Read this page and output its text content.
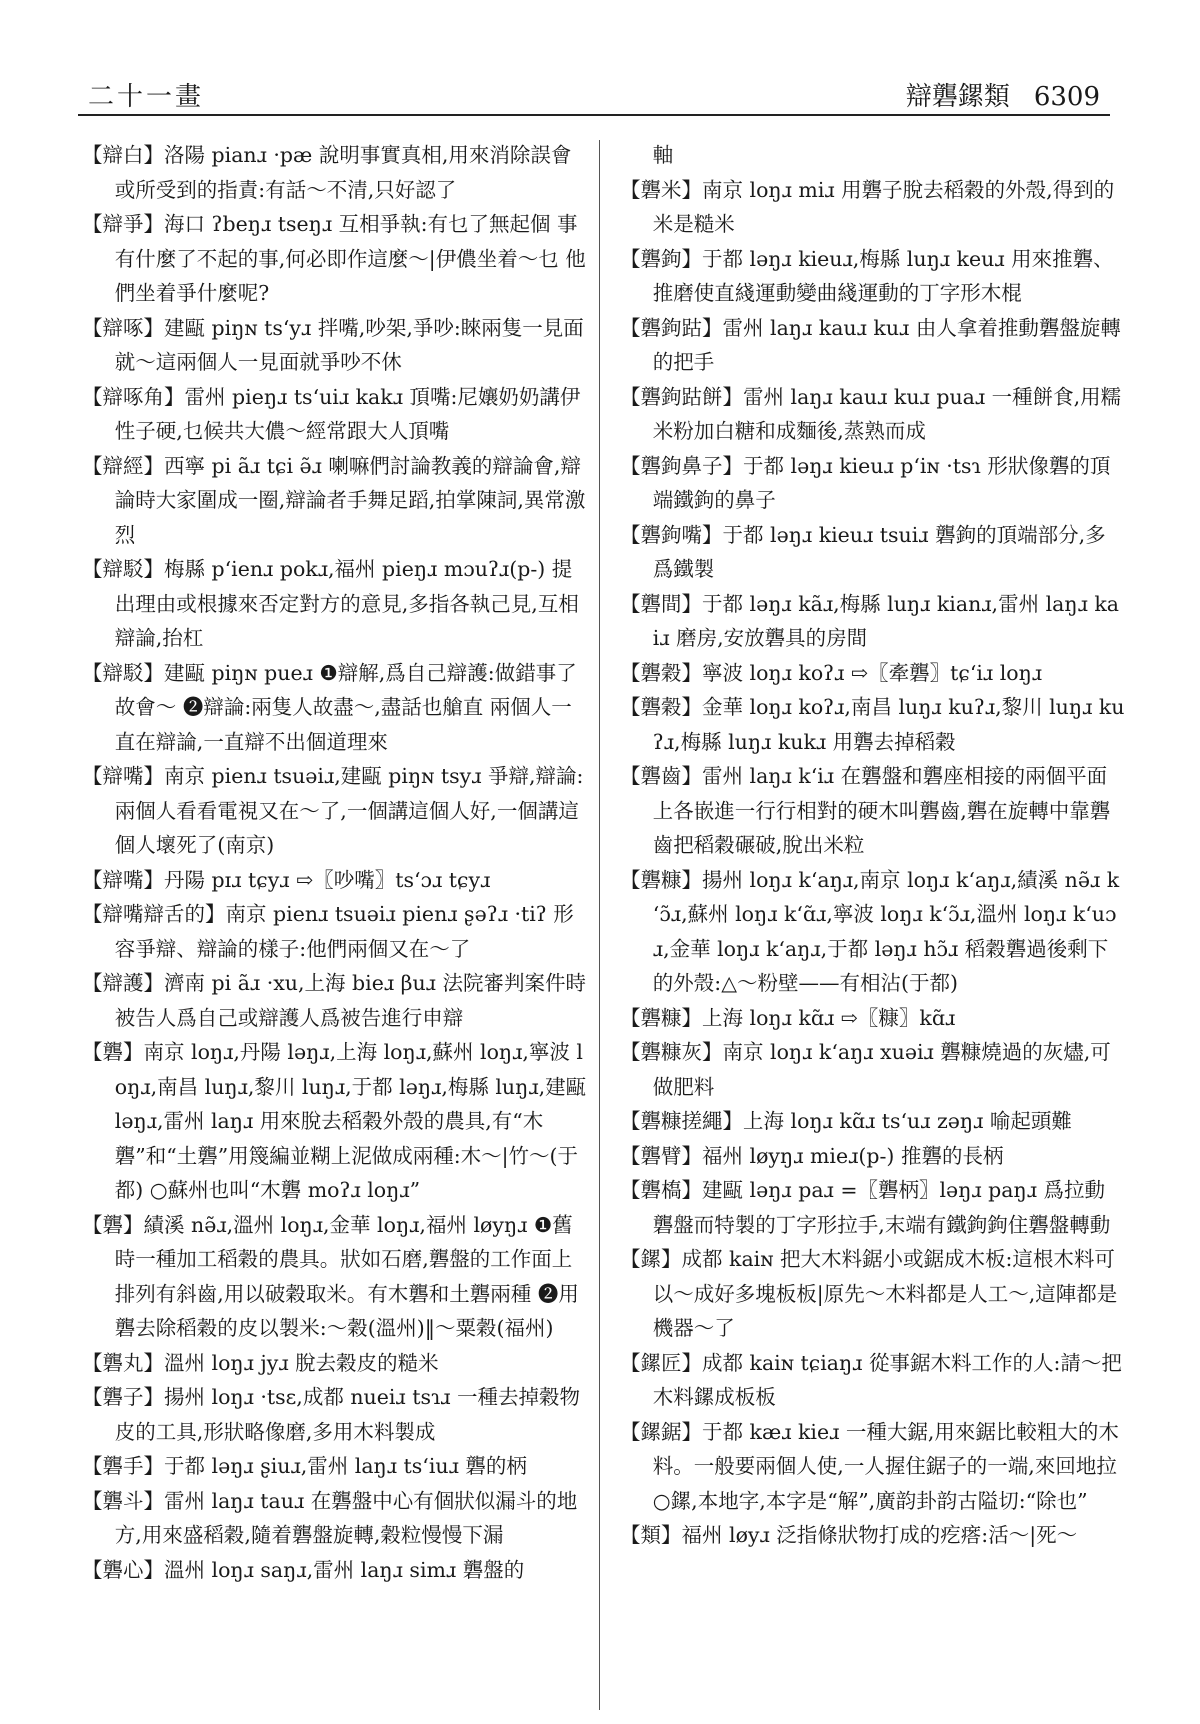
二十一畫	辯礱鏍類 6309

【辯白】洛陽 pianɹ ·pæ 說明事實真相,用來消除誤會或所受到的指責:有話～不清,只好認了

【辯爭】海口 ʔbeŋɹ tseŋɹ 互相爭執:有乜了無起個 事有什麼了不起的事,何必即作這麼～|伊儂坐着～乜 他們坐着爭什麼呢?

【辯啄】建甌 piŋɴ tsʻyɹ 拌嘴,吵架,爭吵:睞兩隻一見面就～這兩個人一見面就爭吵不休

【辯啄角】雷州 pieŋɹ tsʻuiɹ kakɹ 頂嘴:尼孃奶奶講伊性子硬,乜候共大儂～經常跟大人頂嘴

【辯經】西寧 pi ãɹ tɕi ə̃ɹ 喇嘛們討論教義的辯論會,辯論時大家圍成一圈,辯論者手舞足蹈,拍掌陳詞,異常激烈

【辯駁】梅縣 pʻienɹ pokɹ,福州 pieŋɹ mɔuʔɹ(p-) 提出理由或根據來否定對方的意見,多指各執己見,互相辯論,抬杠

【辯駁】建甌 piŋɴ pueɹ ❶辯解,爲自己辯護:做錯事了故會～ ❷辯論:兩隻人故盡～,盡話也艙直 兩個人一直在辯論,一直辯不出個道理來

【辯嘴】南京 pienɹ tsuəiɹ,建甌 piŋɴ tsyɹ 爭辯,辯論:兩個人看看電視又在～了,一個講這個人好,一個講這個人壞死了(南京)

【辯嘴】丹陽 pɪɹ tɕyɹ ⇨〖吵嘴〗tsʻɔɹ tɕyɹ

【辯嘴辯舌的】南京 pienɹ tsuəiɹ pienɹ ʂəʔɹ ·tiʔ 形容爭辯、辯論的樣子:他們兩個又在～了

【辯護】濟南 pi ãɹ ·xu,上海 bieɹ βuɹ 法院審判案件時被告人爲自己或辯護人爲被告進行申辯

【礱】南京 loŋɹ,丹陽 ləŋɹ,上海 loŋɹ,蘇州 loŋɹ,寧波 loŋɹ,南昌 luŋɹ,黎川 luŋɹ,于都 ləŋɹ,梅縣 luŋɹ,建甌 ləŋɹ,雷州 laŋɹ 用來脫去稻穀外殼的農具,有“木礱”和“土礱”用篾編並糊上泥做成兩種:木～|竹～(于都) ○蘇州也叫“木礱 moʔɹ loŋɹ”

【礱】績溪 nə̃ɹ,溫州 loŋɹ,金華 loŋɹ,福州 løyŋɹ ❶舊時一種加工稻穀的農具。狀如石磨,礱盤的工作面上排列有斜齒,用以破穀取米。有木礱和土礱兩種 ❷用礱去除稻穀的皮以製米:～穀(溫州)‖～粟穀(福州)

【礱丸】溫州 loŋɹ jyɹ 脫去穀皮的糙米

【礱子】揚州 loŋɹ ·tsɛ,成都 nueiɹ tsɿɹ 一種去掉穀物皮的工具,形狀略像磨,多用木料製成

【礱手】于都 ləŋɹ ʂiuɹ,雷州 laŋɹ tsʻiuɹ 礱的柄

【礱斗】雷州 laŋɹ tauɹ 在礱盤中心有個狀似漏斗的地方,用來盛稻穀,隨着礱盤旋轉,穀粒慢慢下漏

【礱心】溫州 loŋɹ saŋɹ,雷州 laŋɹ simɹ 礱盤的

軸

【礱米】南京 loŋɹ miɹ 用礱子脫去稻穀的外殼,得到的米是糙米

【礱鉤】于都 ləŋɹ kieuɹ,梅縣 luŋɹ keuɹ 用來推礱、推磨使直綫運動變曲綫運動的丁字形木棍

【礱鉤跍】雷州 laŋɹ kauɹ kuɹ 由人拿着推動礱盤旋轉的把手

【礱鉤跍餅】雷州 laŋɹ kauɹ kuɹ puaɹ 一種餅食,用糯米粉加白糖和成麵後,蒸熟而成

【礱鉤鼻子】于都 ləŋɹ kieuɹ pʻiɴ ·tsɿ 形狀像礱的頂端鐵鉤的鼻子

【礱鉤嘴】于都 ləŋɹ kieuɹ tsuiɹ 礱鉤的頂端部分,多爲鐵製

【礱間】于都 ləŋɹ kãɹ,梅縣 luŋɹ kianɹ,雷州 laŋɹ kaiɹ 磨房,安放礱具的房間

【礱穀】寧波 loŋɹ koʔɹ ⇨〖牽礱〗tɕʻiɹ loŋɹ

【礱穀】金華 loŋɹ koʔɹ,南昌 luŋɹ kuʔɹ,黎川 luŋɹ kuʔɹ,梅縣 luŋɹ kukɹ 用礱去掉稻穀

【礱齒】雷州 laŋɹ kʻiɹ 在礱盤和礱座相接的兩個平面上各嵌進一行行相對的硬木叫礱齒,礱在旋轉中靠礱齒把稻穀碾破,脫出米粒

【礱糠】揚州 loŋɹ kʻaŋɹ,南京 loŋɹ kʻaŋɹ,績溪 nə̃ɹ kʻɔ̃ɹ,蘇州 loŋɹ kʻɑ̃ɹ,寧波 loŋɹ kʻɔ̃ɹ,溫州 loŋɹ kʻuɔɹ,金華 loŋɹ kʻaŋɹ,于都 ləŋɹ hɔ̃ɹ 稻穀礱過後剩下的外殼:△～粉壁——有相沾(于都)

【礱糠】上海 loŋɹ kɑ̃ɹ ⇨〖糠〗kɑ̃ɹ

【礱糠灰】南京 loŋɹ kʻaŋɹ xuəiɹ 礱糠燒過的灰燼,可做肥料

【礱糠搓繩】上海 loŋɹ kɑ̃ɹ tsʻuɹ zəŋɹ 喻起頭難

【礱臂】福州 løyŋɹ mieɹ(p-) 推礱的長柄

【礱槗】建甌 ləŋɹ paɹ =〖礱柄〗ləŋɹ paŋɹ 爲拉動礱盤而特製的丁字形拉手,末端有鐵鉤鉤住礱盤轉動

【鏍】成都 kaiɴ 把大木料鋸小或鋸成木板:這根木料可以～成好多塊板板|原先～木料都是人工～,這陣都是機器～了

【鏍匠】成都 kaiɴ tɕiaŋɹ 從事鋸木料工作的人:請～把木料鏍成板板

【鏍鋸】于都 kæɹ kieɹ 一種大鋸,用來鋸比較粗大的木料。一般要兩個人使,一人握住鋸子的一端,來回地拉 ○鏍,本地字,本字是“解”,廣韵卦韵古隘切:“除也”

【類】福州 løyɹ 泛指條狀物打成的疙瘩:活～|死～
